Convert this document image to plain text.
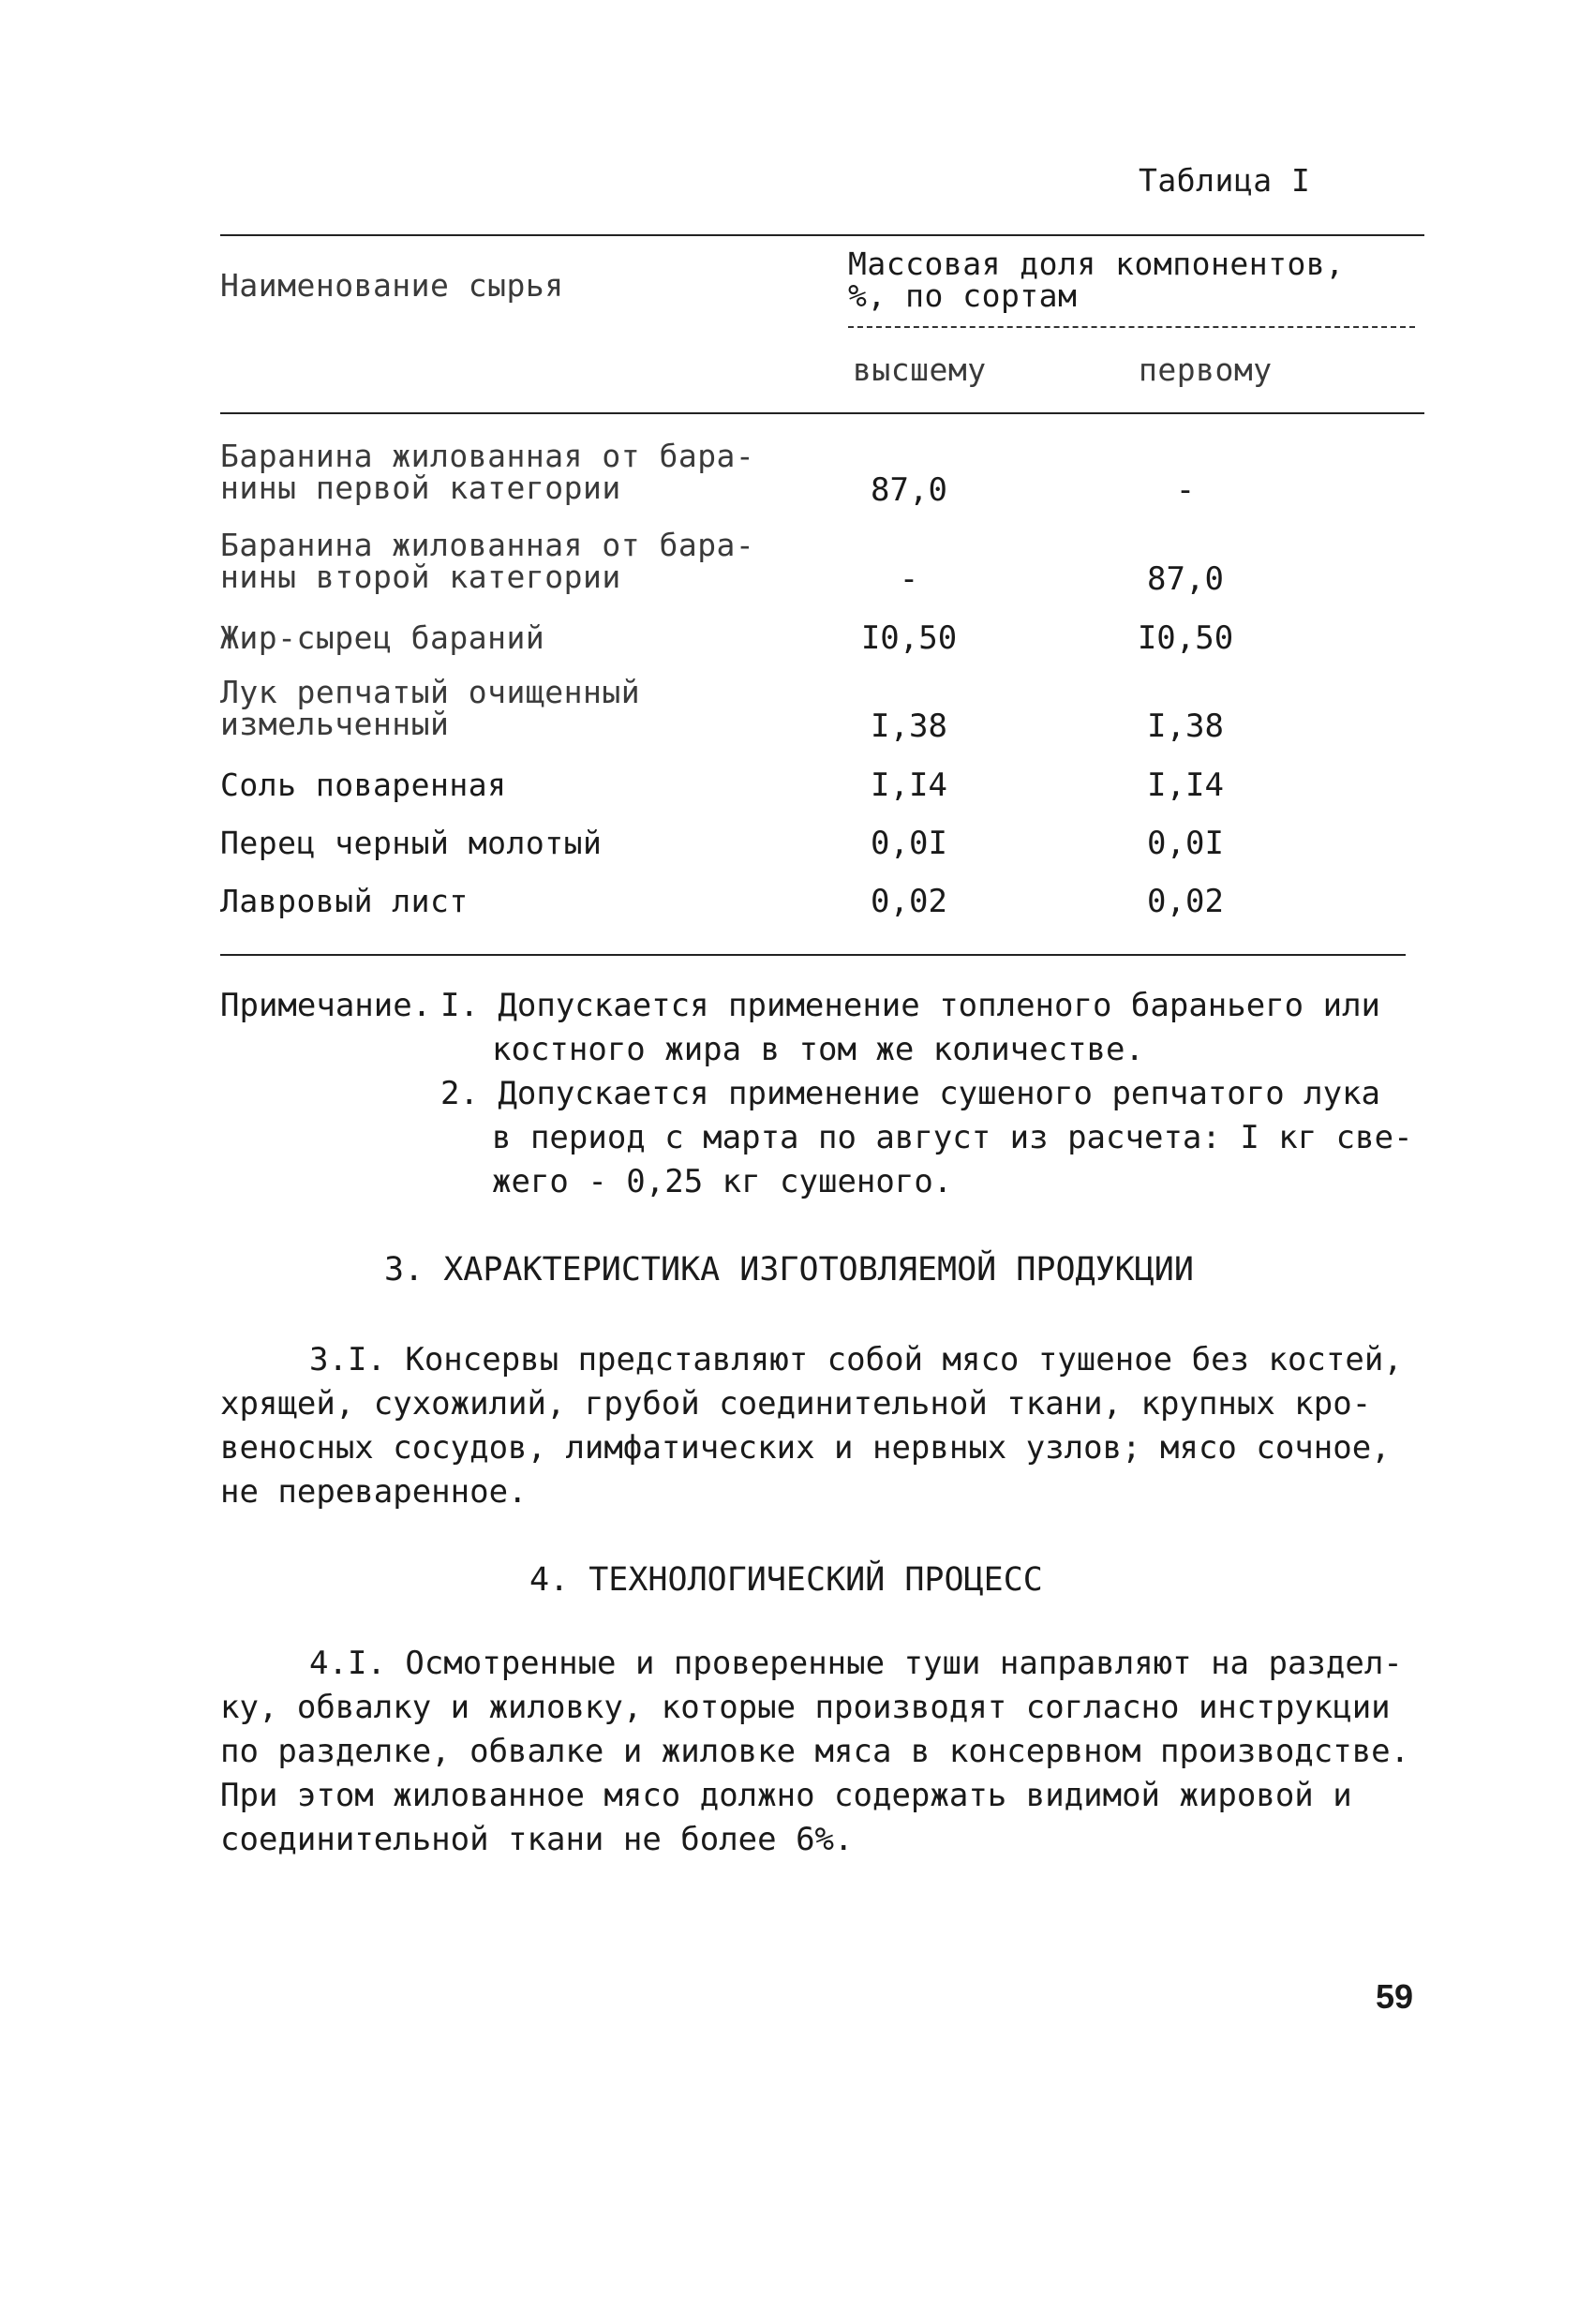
Таблица I
Наименование сырья
Массовая доля компонентов,
%, по сортам
высшему	первому
Баранина жилованная от бара-
нины первой категории	87,0	-
Баранина жилованная от бара-
нины второй категории	-	87,0
Жир-сырец бараний	I0,50	I0,50
Лук репчатый очищенный
измельченный	I,38	I,38
Соль поваренная	I,I4	I,I4
Перец черный молотый	0,0I	0,0I
Лавровый лист	0,02	0,02
Примечание. I. Допускается применение топленого бараньего или
костного жира в том же количестве.
2. Допускается применение сушеного репчатого лука
в период с марта по август из расчета: I кг све-
жего - 0,25 кг сушеного.
3. ХАРАКТЕРИСТИКА ИЗГОТОВЛЯЕМОЙ ПРОДУКЦИИ
3.I. Консервы представляют собой мясо тушеное без костей,
хрящей, сухожилий, грубой соединительной ткани, крупных кро-
веносных сосудов, лимфатических и нервных узлов; мясо сочное,
не переваренное.
4. ТЕХНОЛОГИЧЕСКИЙ ПРОЦЕСС
4.I. Осмотренные и проверенные туши направляют на раздел-
ку, обвалку и жиловку, которые производят согласно инструкции
по разделке, обвалке и жиловке мяса в консервном производстве.
При этом жилованное мясо должно содержать видимой жировой и
соединительной ткани не более 6%.
59
